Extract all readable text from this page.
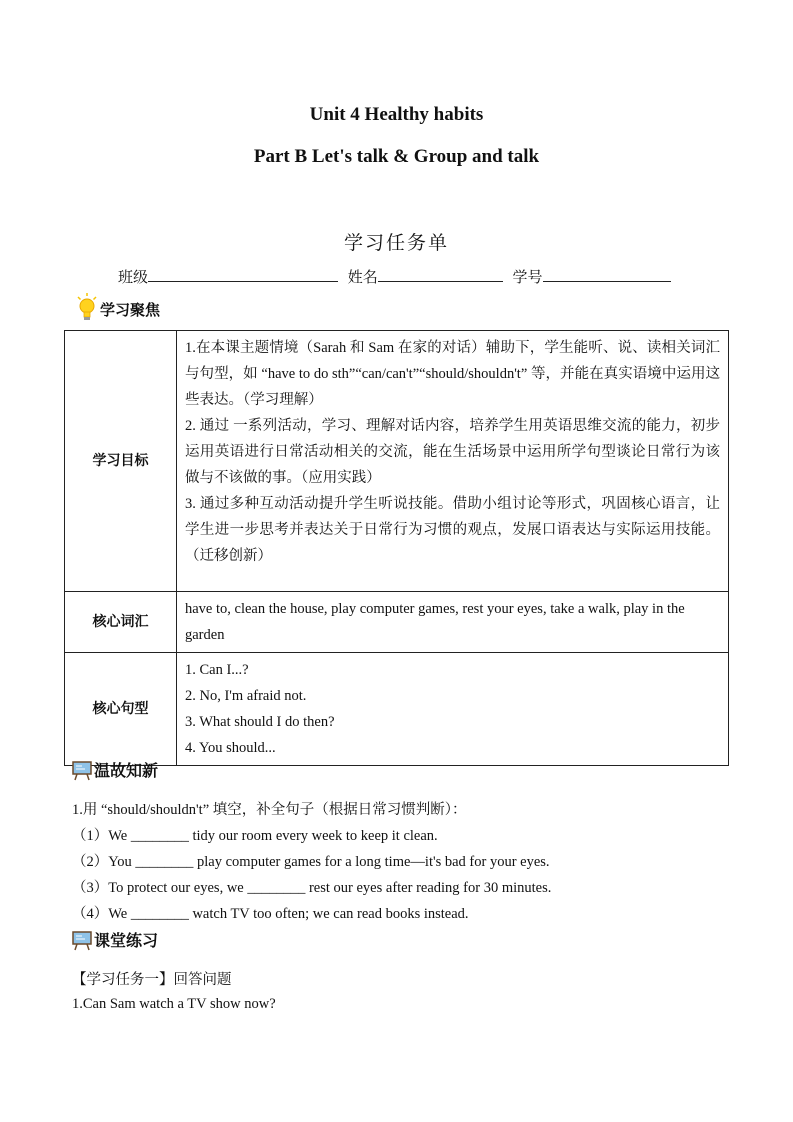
Unit 4 Healthy habits
Part B Let's talk & Group and talk
学习任务单
班级	姓名	学号
学习聚焦
学习目标	1.在本课主题情境（Sarah 和 Sam 在家的对话）辅助下，学生能听、说、读相关词汇与句型，如 “have to do sth”“can/can't”“should/shouldn't” 等，并能在真实语境中运用这些表达。（学习理解）

2. 通过 一系列活动，学习、理解对话内容，培养学生用英语思维交流的能力，初步运用英语进行日常活动相关的交流，能在生活场景中运用所学句型谈论日常行为该做与不该做的事。（应用实践）

3. 通过多种互动活动提升学生听说技能。借助小组讨论等形式，巩固核心语言，让学生进一步思考并表达关于日常行为习惯的观点，发展口语表达与实际运用技能。（迁移创新）

核心词汇	have to, clean the house, play computer games, rest your eyes, take a walk, play in the garden
核心句型	1. Can I...?
2. No, I'm afraid not.
3. What should I do then?
4. You should...
温故知新
1.用 “should/shouldn't” 填空，补全句子（根据日常习惯判断）：
（1）We ________ tidy our room every week to keep it clean.
（2）You ________ play computer games for a long time—it's bad for your eyes.
（3）To protect our eyes, we ________ rest our eyes after reading for 30 minutes.
（4）We ________ watch TV too often; we can read books instead.
课堂练习
【学习任务一】回答问题
1.Can Sam watch a TV show now?
